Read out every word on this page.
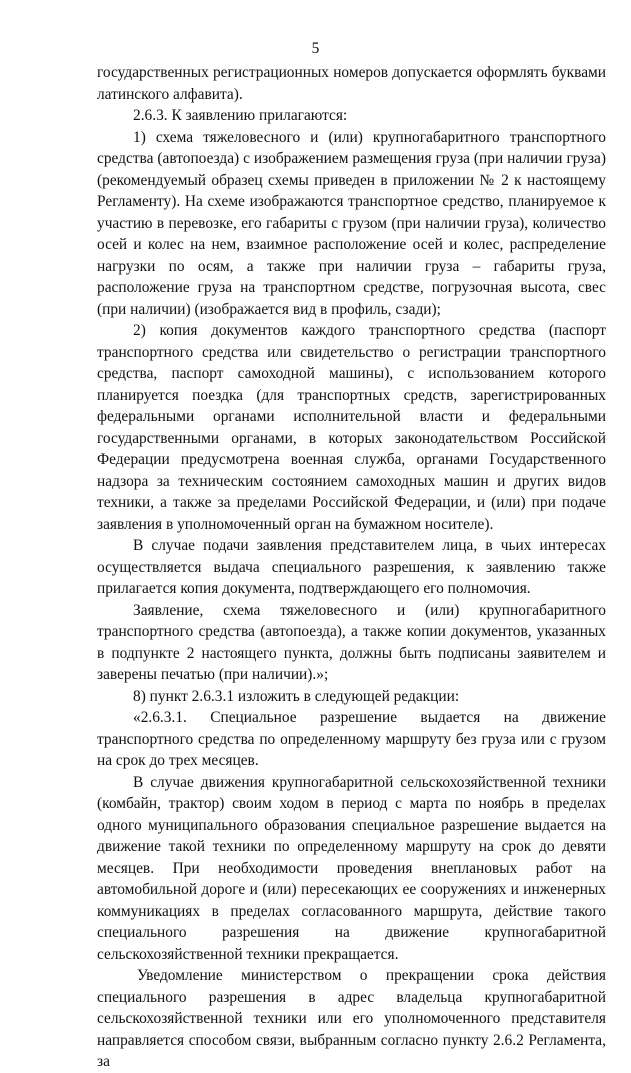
5

государственных регистрационных номеров допускается оформлять буквами латинского алфавита).

2.6.3. К заявлению прилагаются:

1) схема тяжеловесного и (или) крупногабаритного транспортного средства (автопоезда) с изображением размещения груза (при наличии груза) (рекомендуемый образец схемы приведен в приложении № 2 к настоящему Регламенту). На схеме изображаются транспортное средство, планируемое к участию в перевозке, его габариты с грузом (при наличии груза), количество осей и колес на нем, взаимное расположение осей и колес, распределение нагрузки по осям, а также при наличии груза – габариты груза, расположение груза на транспортном средстве, погрузочная высота, свес (при наличии) (изображается вид в профиль, сзади);

2) копия документов каждого транспортного средства (паспорт транспортного средства или свидетельство о регистрации транспортного средства, паспорт самоходной машины), с использованием которого планируется поездка (для транспортных средств, зарегистрированных федеральными органами исполнительной власти и федеральными государственными органами, в которых законодательством Российской Федерации предусмотрена военная служба, органами Государственного надзора за техническим состоянием самоходных машин и других видов техники, а также за пределами Российской Федерации, и (или) при подаче заявления в уполномоченный орган на бумажном носителе).

В случае подачи заявления представителем лица, в чьих интересах осуществляется выдача специального разрешения, к заявлению также прилагается копия документа, подтверждающего его полномочия.

Заявление, схема тяжеловесного и (или) крупногабаритного транспортного средства (автопоезда), а также копии документов, указанных в подпункте 2 настоящего пункта, должны быть подписаны заявителем и заверены печатью (при наличии).»;

8) пункт 2.6.3.1 изложить в следующей редакции:

«2.6.3.1. Специальное разрешение выдается на движение транспортного средства по определенному маршруту без груза или с грузом на срок до трех месяцев.

В случае движения крупногабаритной сельскохозяйственной техники (комбайн, трактор) своим ходом в период с марта по ноябрь в пределах одного муниципального образования специальное разрешение выдается на движение такой техники по определенному маршруту на срок до девяти месяцев. При необходимости проведения внеплановых работ на автомобильной дороге и (или) пересекающих ее сооружениях и инженерных коммуникациях в пределах согласованного маршрута, действие такого специального разрешения на движение крупногабаритной сельскохозяйственной техники прекращается.

Уведомление министерством о прекращении срока действия специального разрешения в адрес владельца крупногабаритной сельскохозяйственной техники или его уполномоченного представителя направляется способом связи, выбранным согласно пункту 2.6.2 Регламента, за
